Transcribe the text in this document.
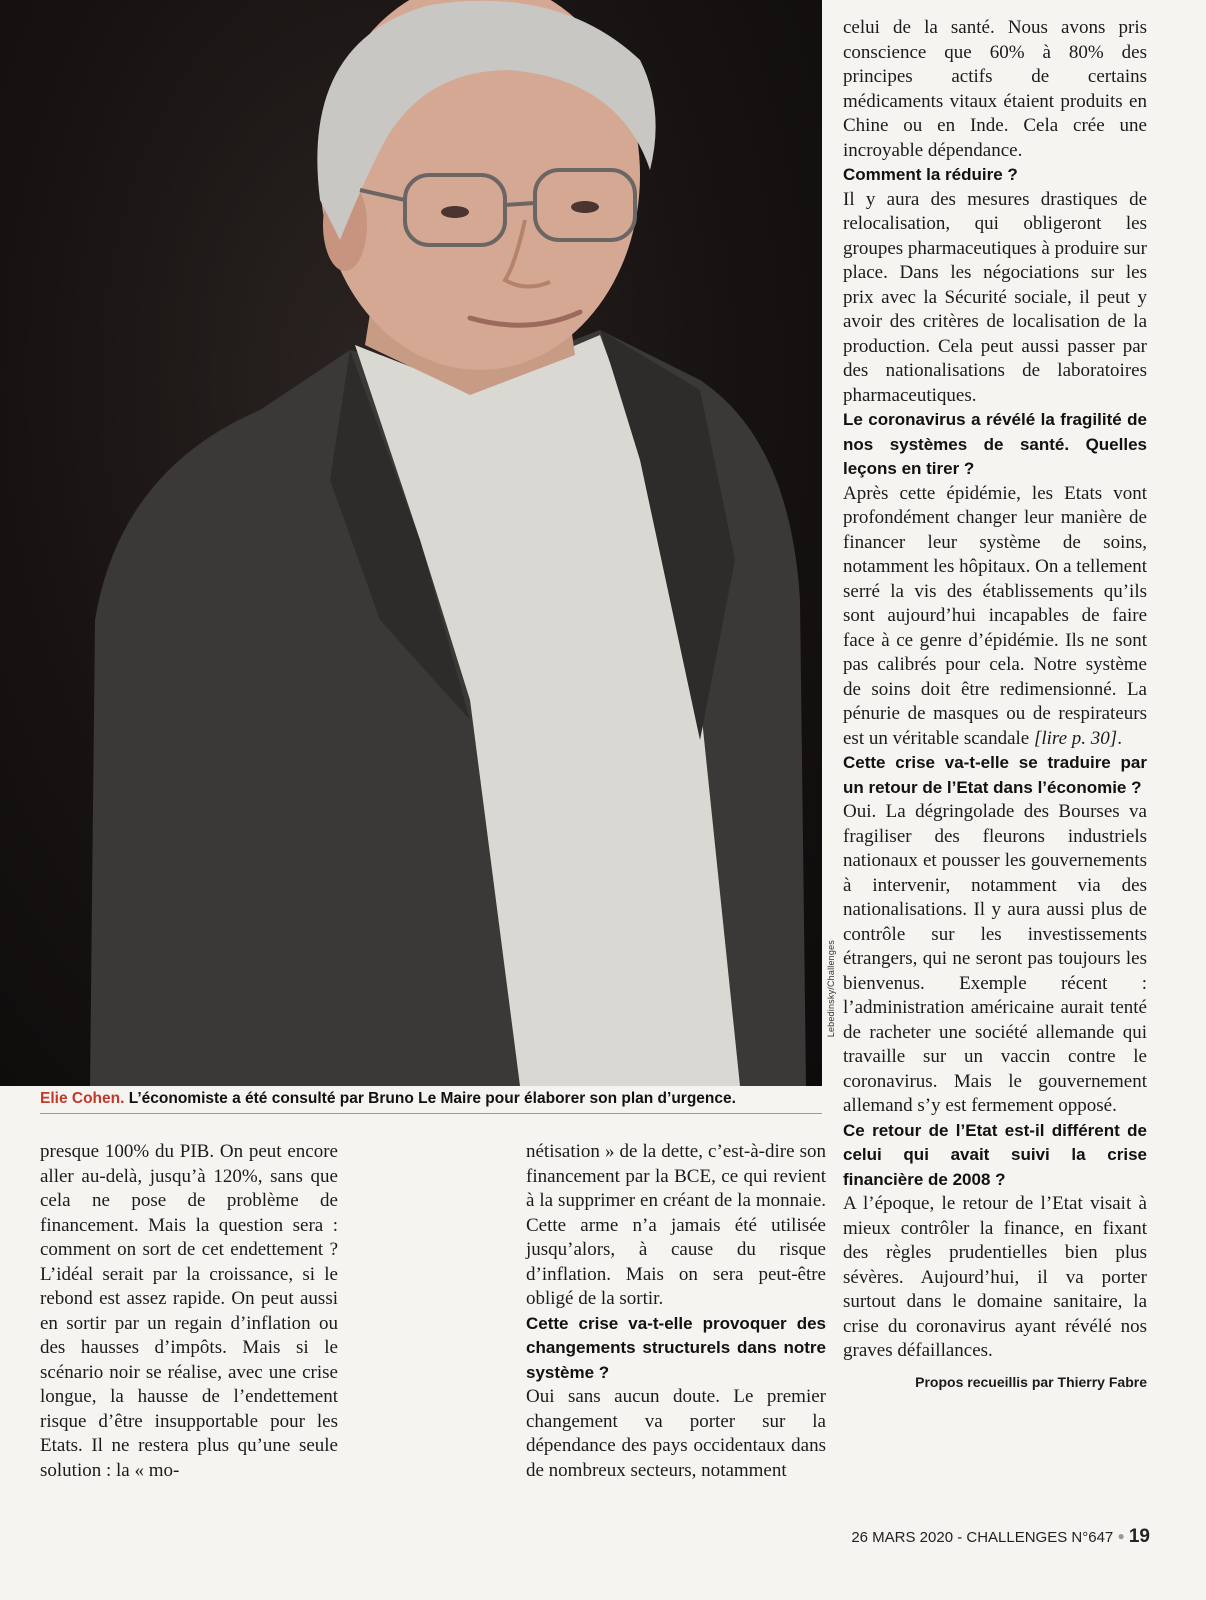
Lebedinsky/Challenges
Elie Cohen. L’économiste a été consulté par Bruno Le Maire pour élaborer son plan d’urgence.

presque 100% du PIB. On peut encore aller au-delà, jusqu’à 120%, sans que cela ne pose de problème de financement. Mais la question sera : comment on sort de cet endettement ? L’idéal serait par la croissance, si le rebond est assez rapide. On peut aussi en sortir par un regain d’inflation ou des hausses d’impôts. Mais si le scénario noir se réalise, avec une crise longue, la hausse de l’endettement risque d’être insupportable pour les Etats. Il ne restera plus qu’une seule solution : la « mo-

nétisation » de la dette, c’est-à-dire son financement par la BCE, ce qui revient à la supprimer en créant de la monnaie. Cette arme n’a jamais été utilisée jusqu’alors, à cause du risque d’inflation. Mais on sera peut-être obligé de la sortir.

Cette crise va-t-elle provoquer des changements structurels dans notre système ?

Oui sans aucun doute. Le premier changement va porter sur la dépendance des pays occidentaux dans de nombreux secteurs, notamment

celui de la santé. Nous avons pris conscience que 60% à 80% des principes actifs de certains médicaments vitaux étaient produits en Chine ou en Inde. Cela crée une incroyable dépendance.

Comment la réduire ?

Il y aura des mesures drastiques de relocalisation, qui obligeront les groupes pharmaceutiques à produire sur place. Dans les négociations sur les prix avec la Sécurité sociale, il peut y avoir des critères de localisation de la production. Cela peut aussi passer par des nationalisations de laboratoires pharmaceutiques.

Le coronavirus a révélé la fragilité de nos systèmes de santé. Quelles leçons en tirer ?

Après cette épidémie, les Etats vont profondément changer leur manière de financer leur système de soins, notamment les hôpitaux. On a tellement serré la vis des établissements qu’ils sont aujourd’hui incapables de faire face à ce genre d’épidémie. Ils ne sont pas calibrés pour cela. Notre système de soins doit être redimensionné. La pénurie de masques ou de respirateurs est un véritable scandale [lire p. 30].

Cette crise va-t-elle se traduire par un retour de l’Etat dans l’économie ?

Oui. La dégringolade des Bourses va fragiliser des fleurons industriels nationaux et pousser les gouvernements à intervenir, notamment via des nationalisations. Il y aura aussi plus de contrôle sur les investissements étrangers, qui ne seront pas toujours les bienvenus. Exemple récent : l’administration américaine aurait tenté de racheter une société allemande qui travaille sur un vaccin contre le coronavirus. Mais le gouvernement allemand s’y est fermement opposé.

Ce retour de l’Etat est-il différent de celui qui avait suivi la crise financière de 2008 ?

A l’époque, le retour de l’Etat visait à mieux contrôler la finance, en fixant des règles prudentielles bien plus sévères. Aujourd’hui, il va porter surtout dans le domaine sanitaire, la crise du coronavirus ayant révélé nos graves défaillances.

Propos recueillis par Thierry Fabre

26 MARS 2020 - CHALLENGES N°647 ● 19
